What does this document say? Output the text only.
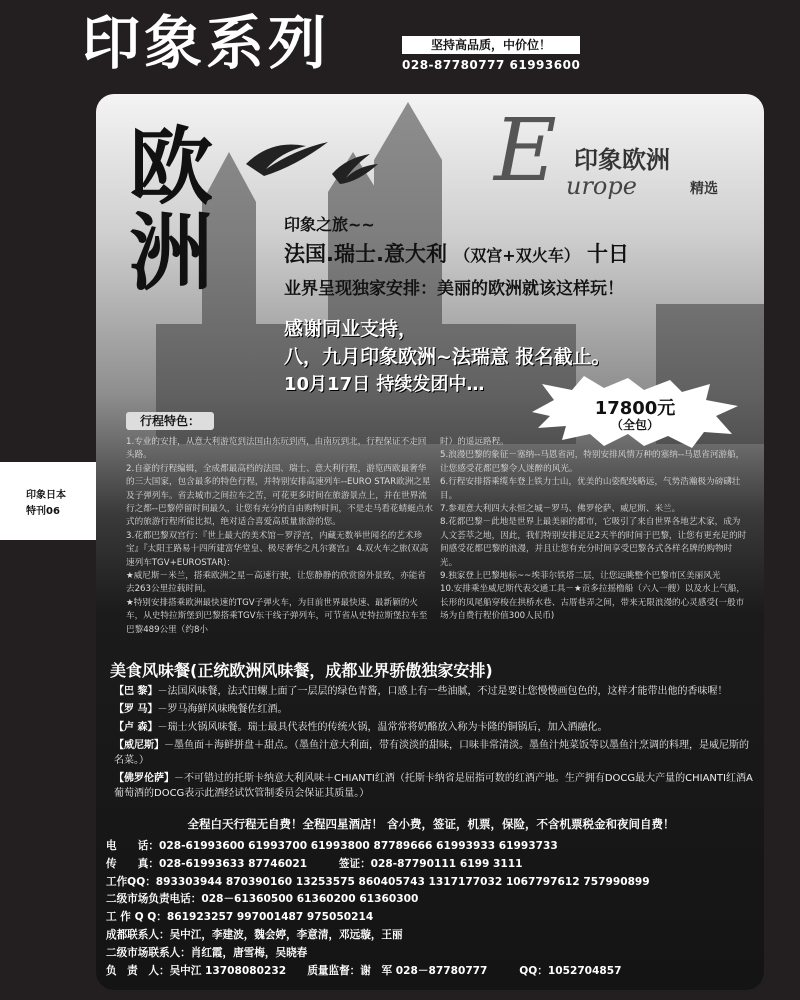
印象系列	坚持高品质，中价位！
028-87780777 61993600
印象日本
特刊06
欧洲
E 印象欧洲
urope	精选
印象之旅~~
法国.瑞士.意大利 （双宫+双火车） 十日
业界呈现独家安排：美丽的欧洲就该这样玩！
感谢同业支持，
八，九月印象欧洲~法瑞意 报名截止。
10月17日 持续发团中…
17800元
（全包）
行程特色：

1.专业的安排，从意大利游览到法国由东玩到西，由南玩到北，行程保证不走回头路。

2.自豪的行程编辑，全成都最高档的法国、瑞士、意大利行程，游览西欧最奢华的三大国家，包含最多的特色行程，并特别安排高速列车--EURO STAR欧洲之星及子弹列车。省去城市之间拉车之苦，可花更多时间在旅游景点上，并在世界流行之都--巴黎停留时间最久，让您有充分的自由购物时间，不是走马看花蜻蜓点水式的旅游行程所能比拟，绝对适合喜爱高质量旅游的您。

3.花都巴黎双宫行：『世上最大的美术馆－罗浮宫，内藏无数举世闻名的艺术珍宝』『太阳王路易十四所建富华堂皇、极尽奢华之凡尔赛宫』 4.双火车之旅(双高速列车TGV+EUROSTAR)：

★威尼斯－米兰，搭乘欧洲之星－高速行驶，让您静静的欣赏窗外景致，亦能省去263公里拉载时间。

★特别安排搭乘欧洲最快速的TGV子弹火车，为目前世界最快速、最新颖的火车，从史特拉斯堡到巴黎搭乘TGV东干线子弹列车，可节省从史特拉斯堡拉车至巴黎489公里（约8小

时）的遥远路程。

5.浪漫巴黎的象征－塞纳--马恩省河，特别安排风情万种的塞纳--马恩省河游船，让您感受花都巴黎令人迷醉的风光。

6.行程安排搭乘缆车登上铁力士山，优美的山姿配线略远，气势浩瀚极为磅礴壮目。

7.参观意大利四大永恒之城－罗马、佛罗伦萨、威尼斯、米兰。

8.花都巴黎－此地是世界上最美丽的都市，它吸引了来自世界各地艺术家，成为人文荟萃之地，因此，我们特别安排足足2天半的时间于巴黎，让您有更充足的时间感受花都巴黎的浪漫，并且让您有充分时间享受巴黎各式各样名牌的购物时光。

9.独家登上巴黎地标~~埃菲尔铁塔二层，让您远眺整个巴黎市区美丽风光

10.安排乘坐威尼斯代表交通工具－★贡多拉摇橹船（六人一艘）以及水上气船，长形的凤尾船穿梭在拱桥水巷、古厝巷弄之间，带来无限浪漫的心灵感受(一般市场为自费行程价值300人民币)

美食风味餐(正统欧洲风味餐，成都业界骄傲独家安排)
【巴 黎】－法国风味餐，法式田螺上面了一层层的绿色青酱，口感上有一些油腻，不过是要让您慢慢画包色的，这样才能带出他的香味喔！
【罗 马】－罗马海鲜风味晚餐佐红酒。
【卢 森】－瑞士火锅风味餐。瑞士最具代表性的传统火锅，温常常将奶酪放入称为卡隆的铜锅后，加入酒融化。
【威尼斯】－墨鱼面＋海鲜拼盘＋甜点。（墨鱼汁意大利面，带有淡淡的甜味，口味非常清淡。墨鱼汁炖菜饭等以墨鱼汁烹调的料理，是威尼斯的名菜。）
【佛罗伦萨】－不可错过的托斯卡纳意大利风味＋CHIANTI红酒（托斯卡纳省是屈指可数的红酒产地。生产拥有DOCG最大产量的CHIANTI红酒A葡萄酒的DOCG表示此酒经试饮管制委员会保证其质量。）
全程白天行程无自费！全程四星酒店！ 含小费，签证，机票，保险，不含机票税金和夜间自费！
电　　话：028-61993600 61993700 61993800 87789666 61993933 61993733
传　　真：028-61993633 87746021　　　	签证：028-87790111 6199 3111
工作QQ：893303944 870390160 13253575 860405743 1317177032 1067797612 757990899
二级市场负责电话：028－61360500 61360200 61360300
工 作 Q Q：861923257 997001487 975050214
成都联系人：吴中江，李建波，魏会婷，李意清，邓远璇，王丽
二级市场联系人：肖红霞，唐雪梅，吴晓春
负　责　人：吴中江 13708080232　　 质量监督：谢　军 028－87780777　　　	QQ：1052704857
